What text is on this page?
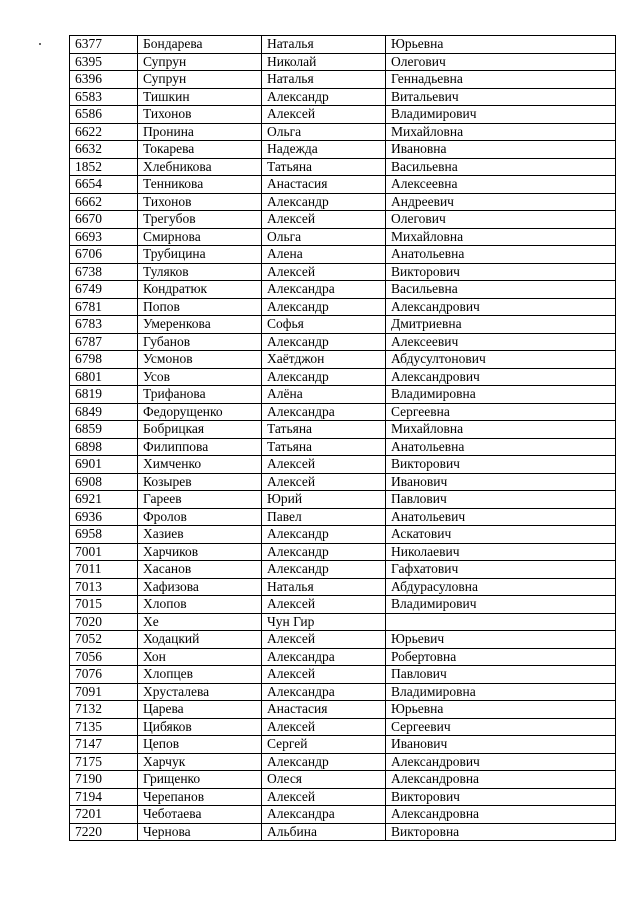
6377	Бондарева	Наталья	Юрьевна
6395	Супрун	Николай	Олегович
6396	Супрун	Наталья	Геннадьевна
6583	Тишкин	Александр	Витальевич
6586	Тихонов	Алексей	Владимирович
6622	Пронина	Ольга	Михайловна
6632	Токарева	Надежда	Ивановна
1852	Хлебникова	Татьяна	Васильевна
6654	Тенникова	Анастасия	Алексеевна
6662	Тихонов	Александр	Андреевич
6670	Трегубов	Алексей	Олегович
6693	Смирнова	Ольга	Михайловна
6706	Трубицина	Алена	Анатольевна
6738	Туляков	Алексей	Викторович
6749	Кондратюк	Александра	Васильевна
6781	Попов	Александр	Александрович
6783	Умеренкова	Софья	Дмитриевна
6787	Губанов	Александр	Алексеевич
6798	Усмонов	Хаётджон	Абдусултонович
6801	Усов	Александр	Александрович
6819	Трифанова	Алёна	Владимировна
6849	Федорущенко	Александра	Сергеевна
6859	Бобрицкая	Татьяна	Михайловна
6898	Филиппова	Татьяна	Анатольевна
6901	Химченко	Алексей	Викторович
6908	Козырев	Алексей	Иванович
6921	Гареев	Юрий	Павлович
6936	Фролов	Павел	Анатольевич
6958	Хазиев	Александр	Аскатович
7001	Харчиков	Александр	Николаевич
7011	Хасанов	Александр	Гафхатович
7013	Хафизова	Наталья	Абдурасуловна
7015	Хлопов	Алексей	Владимирович
7020	Хе	Чун Гир	
7052	Ходацкий	Алексей	Юрьевич
7056	Хон	Александра	Робертовна
7076	Хлопцев	Алексей	Павлович
7091	Хрусталева	Александра	Владимировна
7132	Царева	Анастасия	Юрьевна
7135	Цибяков	Алексей	Сергеевич
7147	Цепов	Сергей	Иванович
7175	Харчук	Александр	Александрович
7190	Грищенко	Олеся	Александровна
7194	Черепанов	Алексей	Викторович
7201	Чеботаева	Александра	Александровна
7220	Чернова	Альбина	Викторовна
